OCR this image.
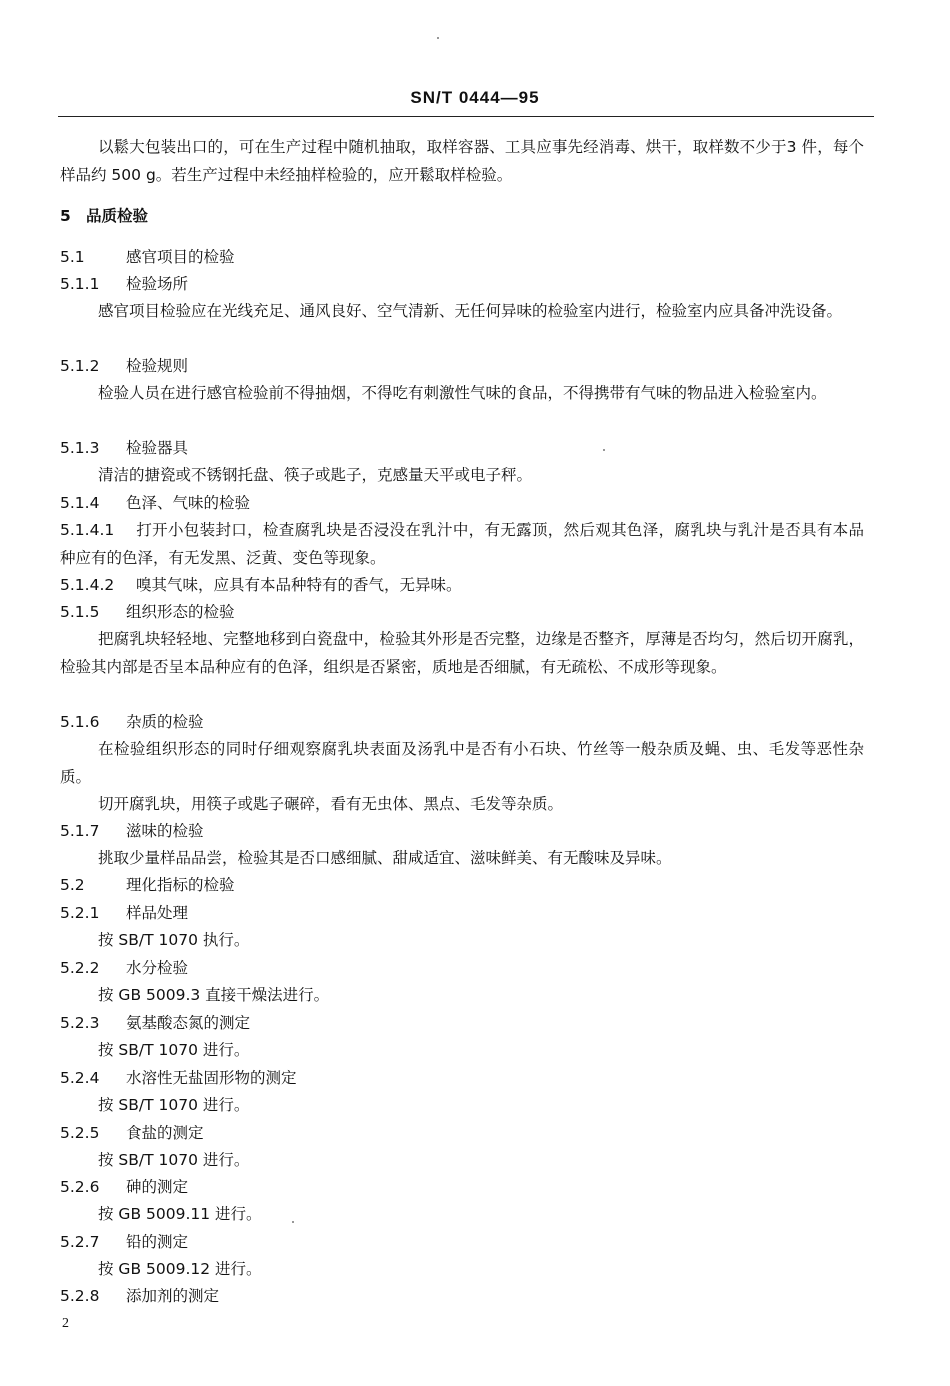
SN/T 0444—95
以鬆大包装出口的，可在生产过程中随机抽取，取样容器、工具应事先经消毒、烘干，取样数不少于3 件，每个样品约 500 g。若生产过程中未经抽样检验的，应开鬆取样检验。
5 品质检验
5.1	感官项目的检验
5.1.1 检验场所
感官项目检验应在光线充足、通风良好、空气清新、无任何异味的检验室内进行，检验室内应具备冲洗设备。
5.1.2 检验规则
检验人员在进行感官检验前不得抽烟，不得吃有刺激性气味的食品，不得携带有气味的物品进入检验室内。
5.1.3 检验器具
清洁的搪瓷或不锈钢托盘、筷子或匙子，克感量天平或电子秤。
5.1.4 色泽、气味的检验
5.1.4.1 打开小包装封口，检查腐乳块是否浸没在乳汁中，有无露顶，然后观其色泽，腐乳块与乳汁是否具有本品种应有的色泽，有无发黑、泛黄、变色等现象。
5.1.4.2 嗅其气味，应具有本品种特有的香气，无异味。
5.1.5 组织形态的检验
把腐乳块轻轻地、完整地移到白瓷盘中，检验其外形是否完整，边缘是否整齐，厚薄是否均匀，然后切开腐乳，检验其内部是否呈本品种应有的色泽，组织是否紧密，质地是否细腻，有无疏松、不成形等现象。
5.1.6 杂质的检验
在检验组织形态的同时仔细观察腐乳块表面及汤乳中是否有小石块、竹丝等一般杂质及蝇、虫、毛发等恶性杂质。
切开腐乳块，用筷子或匙子碾碎，看有无虫体、黑点、毛发等杂质。
5.1.7 滋味的检验
挑取少量样品品尝，检验其是否口感细腻、甜咸适宜、滋味鲜美、有无酸味及异味。
5.2	理化指标的检验
5.2.1 样品处理
按 SB/T 1070 执行。
5.2.2 水分检验
按 GB 5009.3 直接干燥法进行。
5.2.3 氨基酸态氮的测定
按 SB/T 1070 进行。
5.2.4 水溶性无盐固形物的测定
按 SB/T 1070 进行。
5.2.5 食盐的测定
按 SB/T 1070 进行。
5.2.6 砷的测定
按 GB 5009.11 进行。
5.2.7 铅的测定
按 GB 5009.12 进行。
5.2.8 添加剂的测定
2
